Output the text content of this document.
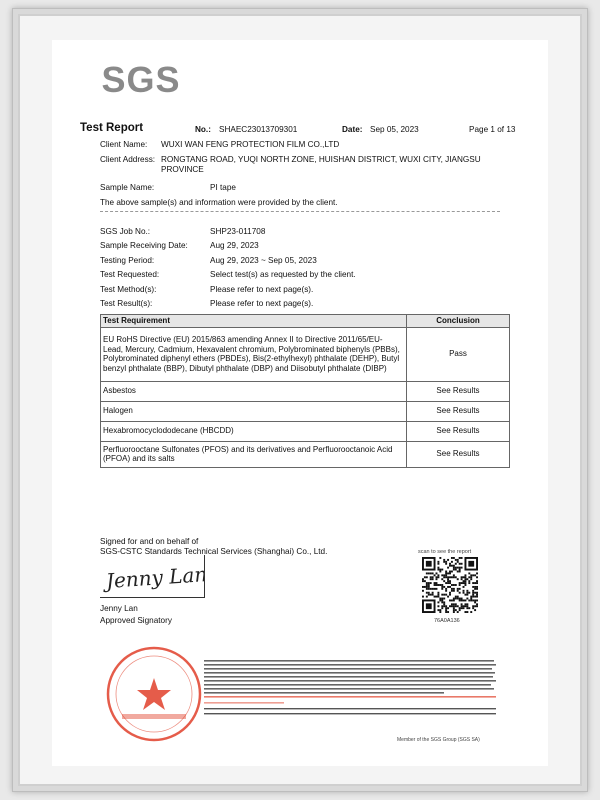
SGS
Test Report	No.: SHAEC23013709301	Date: Sep 05, 2023	Page 1 of 13
Client Name: WUXI WAN FENG PROTECTION FILM CO.,LTD
Client Address: RONGTANG ROAD, YUQI NORTH ZONE, HUISHAN DISTRICT, WUXI CITY, JIANGSU
PROVINCE
Sample Name:	PI tape
The above sample(s) and information were provided by the client.
SGS Job No.:	SHP23-011708
Sample Receiving Date:	Aug 29, 2023
Testing Period:	Aug 29, 2023 ~ Sep 05, 2023
Test Requested:	Select test(s) as requested by the client.
Test Method(s):	Please refer to next page(s).
Test Result(s):	Please refer to next page(s).
Test Requirement	Conclusion
EU RoHS Directive (EU) 2015/863 amending Annex II to Directive 2011/65/EU- Lead, Mercury, Cadmium, Hexavalent chromium, Polybrominated biphenyls (PBBs), Polybrominated diphenyl ethers (PBDEs), Bis(2-ethylhexyl) phthalate (DEHP), Butyl benzyl phthalate (BBP), Dibutyl phthalate (DBP) and Diisobutyl phthalate (DIBP)	Pass
Asbestos	See Results
Halogen	See Results
Hexabromocyclododecane (HBCDD)	See Results
Perfluorooctane Sulfonates (PFOS) and its derivatives and Perfluorooctanoic Acid (PFOA) and its salts	See Results
Signed for and on behalf of
SGS-CSTC Standards Technical Services (Shanghai) Co., Ltd.
Jenny Lan
Jenny Lan
Approved Signatory
scan to see the report
76A0A136
Member of the SGS Group (SGS SA)
